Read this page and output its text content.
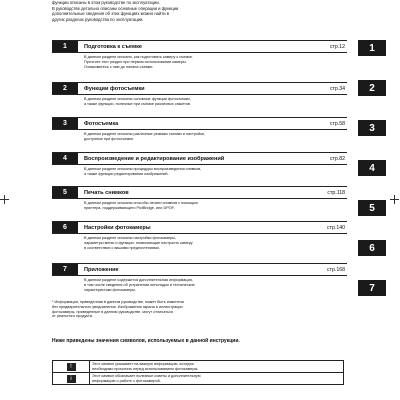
функции описаны в этом руководстве по эксплуатации.

В руководстве детально описаны основные операции и функции

дополнительные сведения об этих функциях можно найти в

других разделах руководства по эксплуатации.

1	Подготовка к съемке	стр.12

В данном разделе описано, как подготовить камеру к съемке.

Прочтите этот раздел при первом использовании камеры.

Ознакомьтесь с ним до начала съемки.

2	Функции фотосъемки	стр.34

В данном разделе описаны основные функции фотосъемки,

а также функции, полезные при съемке различных сюжетов.

3	Фотосъемка	стр.58

В данном разделе описаны различные режимы съемки и настройки,

доступные при фотосъемке.

4	Воспроизведение и редактирование изображений	стр.82

В данном разделе описаны процедуры воспроизведения снимков,

а также функции редактирования изображений.

5	Печать снимков	стр.118

В данном разделе описаны способы печати снимков с помощью

принтера, поддерживающего PictBridge, или DPOF.

6	Настройки фотокамеры	стр.140

В данном разделе описаны настройки фотокамеры,

параметры меню и функции, позволяющие настроить камеру

в соответствии с вашими предпочтениями.

7	Приложение	стр.168

В данном разделе содержится дополнительная информация,

в том числе сведения об устранении неполадок и технические

характеристики фотокамеры.

1
2
3
4
5
6
7

* Информация, приведенная в данном руководстве, может быть изменена

без предварительного уведомления. Изображения экрана и иллюстрации

фотокамеры, приведенные в данном руководстве, могут отличаться

от реального продукта.

Ниже приведены значения символов, используемых в данной инструкции.
!	Этот символ указывает на важную информацию, которую
необходимо прочитать перед использованием фотокамеры.

i	Этот символ обозначает полезные советы и дополнительную
информацию о работе с фотокамерой.
